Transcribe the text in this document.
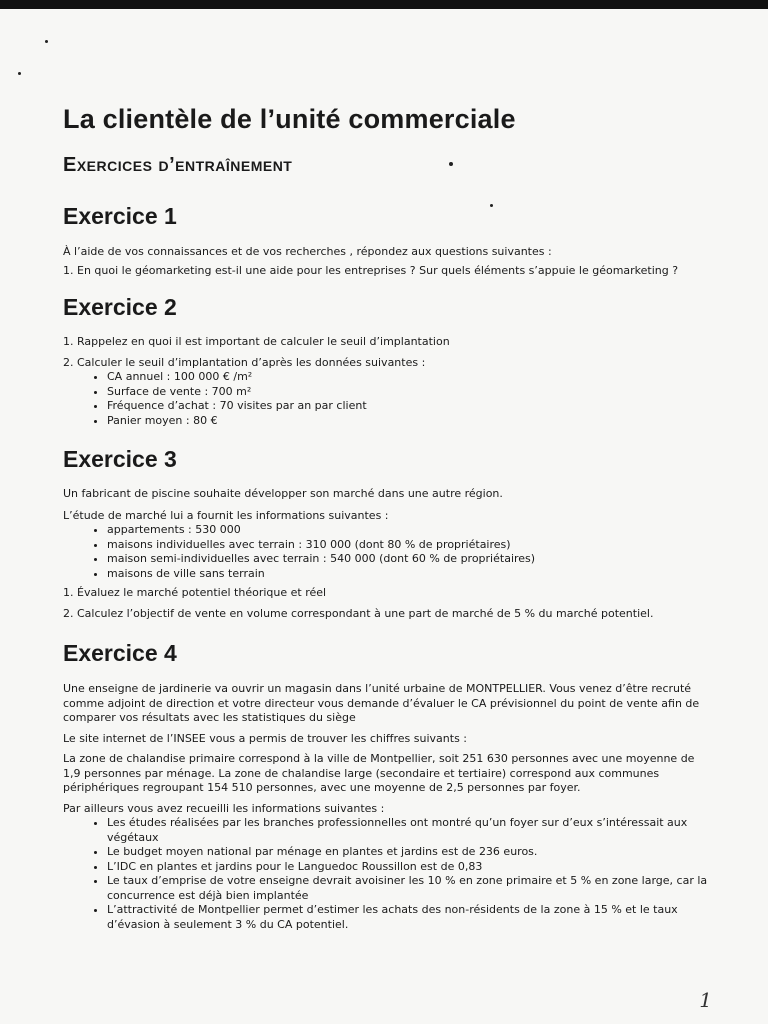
La clientèle de l’unité commerciale
Exercices d’entraînement
Exercice 1

À l’aide de vos connaissances et de vos recherches , répondez aux questions suivantes :

1. En quoi le géomarketing est-il une aide pour les entreprises ? Sur quels éléments s’appuie le géomarketing ?

Exercice 2

1. Rappelez en quoi il est important de calculer le seuil d’implantation

2. Calculer le seuil d’implantation d’après les données suivantes :

• CA annuel : 100 000 € /m²
• Surface de vente : 700 m²
• Fréquence d’achat : 70 visites par an par client
• Panier moyen : 80 €
Exercice 3

Un fabricant de piscine souhaite développer son marché dans une autre région.

L’étude de marché lui a fournit les informations suivantes :

• appartements : 530 000
• maisons individuelles avec terrain : 310 000 (dont 80 % de propriétaires)
• maison semi-individuelles avec terrain : 540 000 (dont 60 % de propriétaires)
• maisons de ville sans terrain

1. Évaluez le marché potentiel théorique et réel

2. Calculez l’objectif de vente en volume correspondant à une part de marché de 5 % du marché potentiel.

Exercice 4

Une enseigne de jardinerie va ouvrir un magasin dans l’unité urbaine de MONTPELLIER. Vous venez d’être recruté comme adjoint de direction et votre directeur vous demande d’évaluer le CA prévisionnel du point de vente afin de comparer vos résultats avec les statistiques du siège

Le site internet de l’INSEE vous a permis de trouver les chiffres suivants :

La zone de chalandise primaire correspond à la ville de Montpellier, soit 251 630 personnes avec une moyenne de 1,9 personnes par ménage. La zone de chalandise large (secondaire et tertiaire) correspond aux communes périphériques regroupant 154 510 personnes, avec une moyenne de 2,5 personnes par foyer.

Par ailleurs vous avez recueilli les informations suivantes :

• Les études réalisées par les branches professionnelles ont montré qu’un foyer sur d’eux s’intéressait aux végétaux
• Le budget moyen national par ménage en plantes et jardins est de 236 euros.
• L’IDC en plantes et jardins pour le Languedoc Roussillon est de 0,83
• Le taux d’emprise de votre enseigne devrait avoisiner les 10 % en zone primaire et 5 % en zone large, car la concurrence est déjà bien implantée
• L’attractivité de Montpellier permet d’estimer les achats des non-résidents de la zone à 15 % et le taux d’évasion à seulement 3 % du CA potentiel.
1
